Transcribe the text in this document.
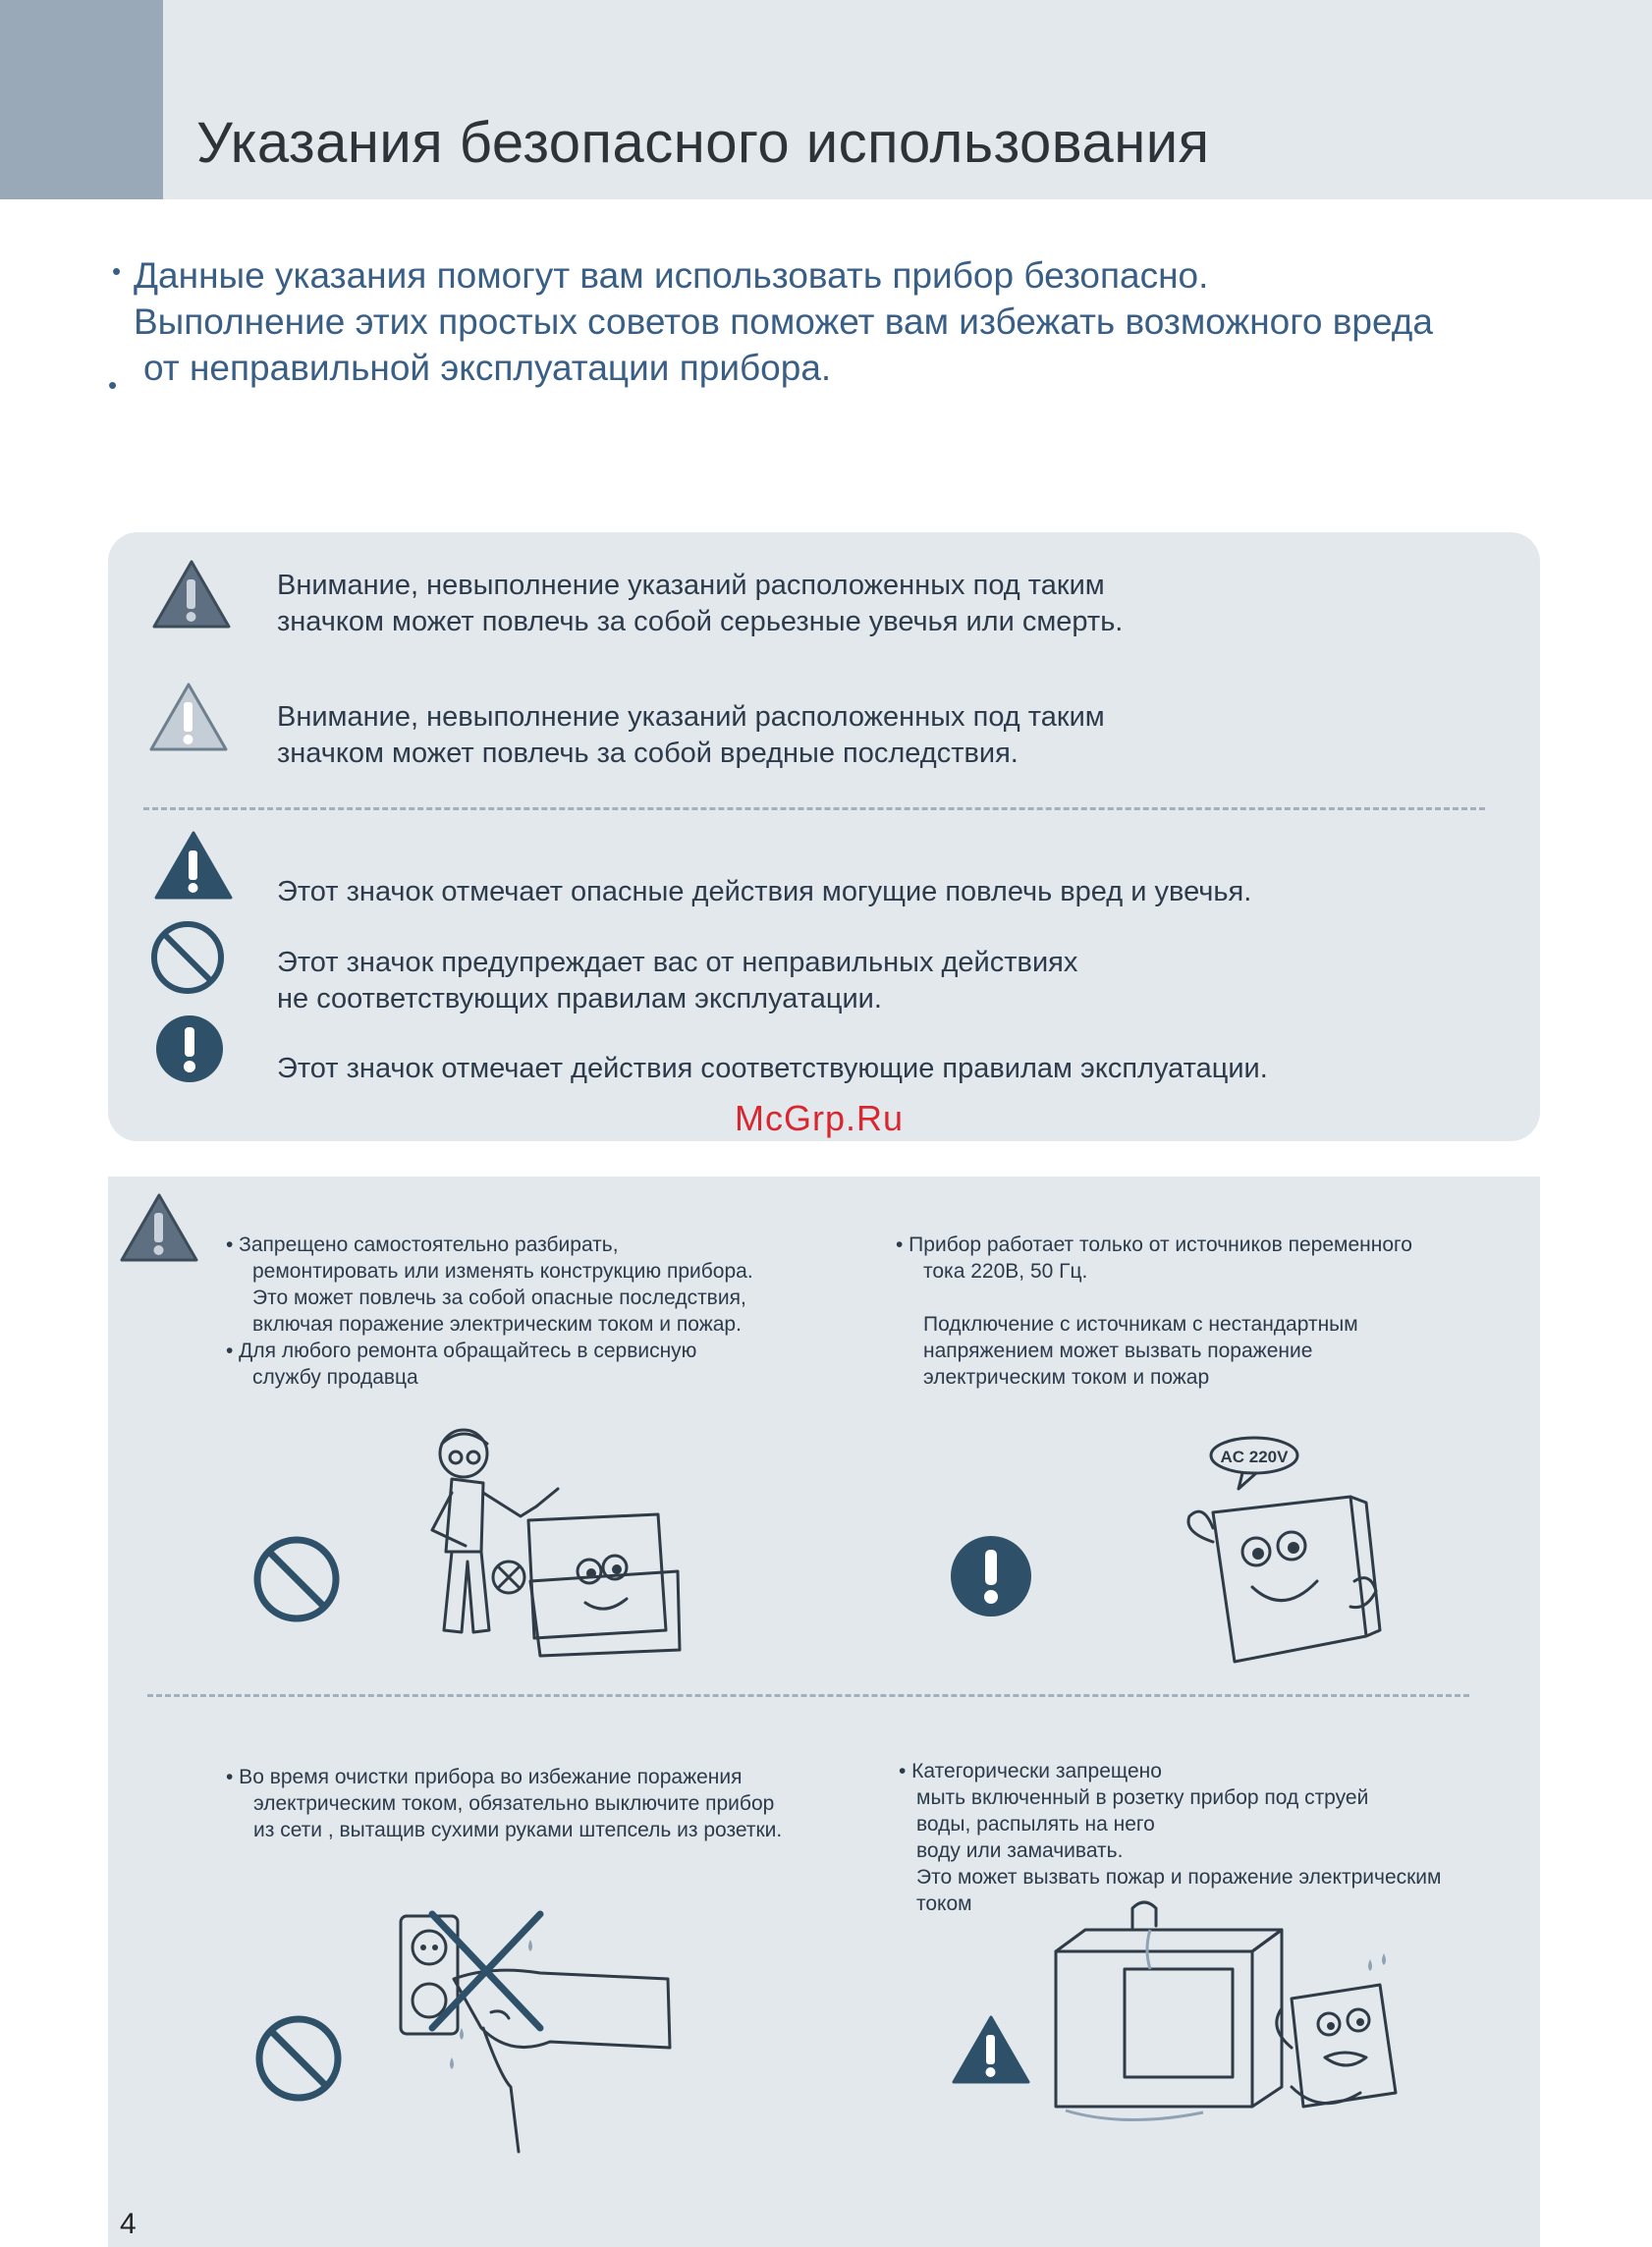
Указания безопасного использования
• Данные указания помогут вам использовать прибор безопасно.
Выполнение этих простых советов поможет вам избежать возможного вреда
• от неправильной эксплуатации прибора.
Внимание, невыполнение указаний расположенных под таким
значком может повлечь за собой серьезные увечья или смерть.
Внимание, невыполнение указаний расположенных под таким
значком может повлечь за собой вредные последствия.
Этот значок отмечает опасные действия могущие повлечь вред и увечья.
Этот значок предупреждает вас от неправильных действиях
не соответствующих правилам эксплуатации.
Этот значок отмечает действия соответствующие правилам эксплуатации.
McGrp.Ru
• Запрещено самостоятельно разбирать,
ремонтировать или изменять конструкцию прибора.
Это может повлечь за собой опасные последствия,
включая поражение электрическим током и пожар.
• Для любого ремонта обращайтесь в сервисную
службу продавца
• Прибор работает только от источников переменного
тока 220В, 50 Гц.
Подключение с источникам с нестандартным
напряжением может вызвать поражение
электрическим током и пожар
AC 220V
• Во время очистки прибора во избежание поражения
электрическим током, обязательно выключите прибор
из сети , вытащив сухими руками штепсель из розетки.
• Категорически запрещено
мыть включенный в розетку прибор под струей
воды, распылять на него
воду или замачивать.
Это может вызвать пожар и поражение электрическим
током
4
